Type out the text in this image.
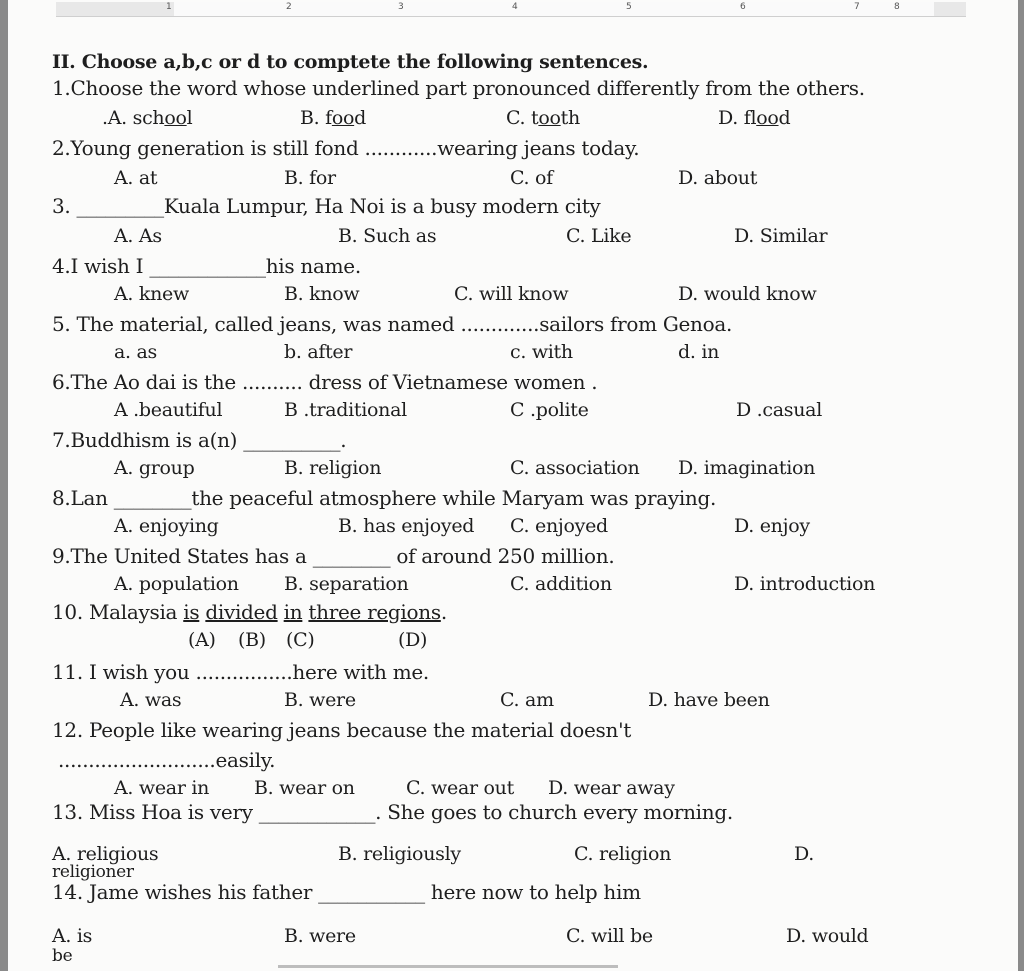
1	2	3	4	5	6	7	8
II. Choose a,b,c or d to comptete the following sentences.
1.Choose the word whose underlined part pronounced differently from the others.
.A. school	B. food	C. tooth	D. flood
2.Young generation is still fond ............wearing jeans today.
A. at	B. for	C. of	D. about
3. _________Kuala Lumpur, Ha Noi is a busy modern city
A. As	B. Such as	C. Like	D. Similar
4.I wish I ____________his name.
A. knew	B. know	C. will know	D. would know
5. The material, called jeans, was named .............sailors from Genoa.
a. as	b. after	c. with	d. in
6.The Ao dai is the .......... dress of Vietnamese women .
A .beautiful	B .traditional	C .polite	D .casual
7.Buddhism is a(n) __________.
A. group	B. religion	C. association D. imagination
8.Lan ________the peaceful atmosphere while Maryam was praying.
A. enjoying	B. has enjoyed C. enjoyed	D. enjoy
9.The United States has a ________ of around 250 million.
A. population B. separation	C. addition	D. introduction
10. Malaysia is divided in three regions.
(A) (B) (C)	(D)
11. I wish you ................here with me.
A. was	B. were	C. am	D. have been
12. People like wearing jeans because the material doesn't
..........................easily.
A. wear in B. wear on	C. wear out D. wear away
13. Miss Hoa is very ____________. She goes to church every morning.
A. religious	B. religiously	C. religion	D.
religioner
14. Jame wishes his father ___________ here now to help him
A. is	B. were	C. will be	D. would
be
